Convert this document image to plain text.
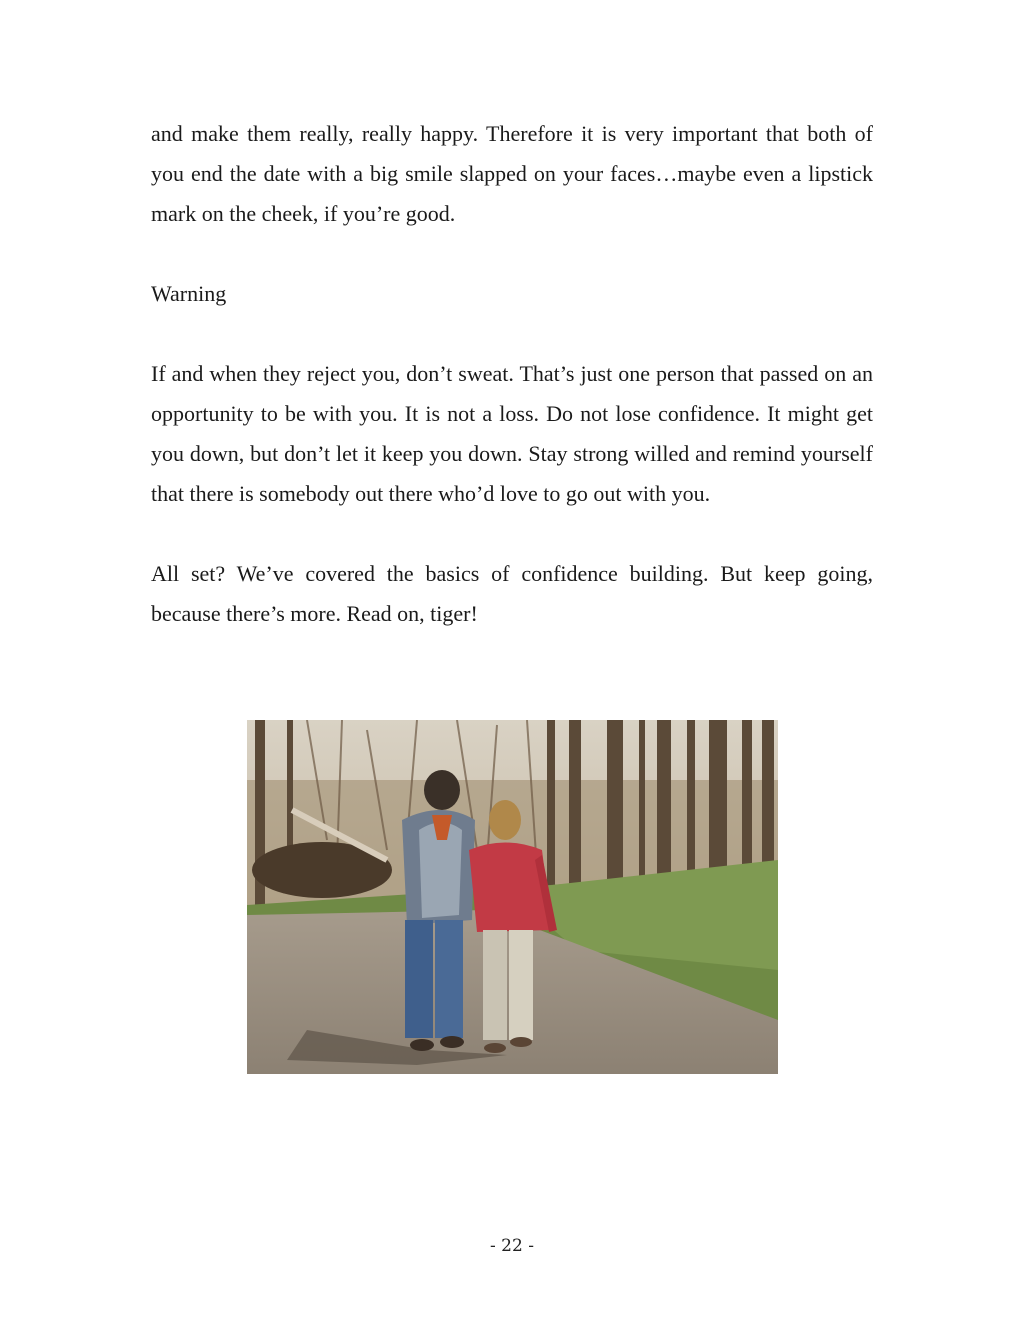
and make them really, really happy. Therefore it is very important that both of you end the date with a big smile slapped on your faces…maybe even a lipstick mark on the cheek, if you’re good.

Warning

If and when they reject you, don’t sweat. That’s just one person that passed on an opportunity to be with you. It is not a loss. Do not lose confidence. It might get you down, but don’t let it keep you down. Stay strong willed and remind yourself that there is somebody out there who’d love to go out with you.

All set? We’ve covered the basics of confidence building. But keep going, because there’s more. Read on, tiger!

- 22 -
